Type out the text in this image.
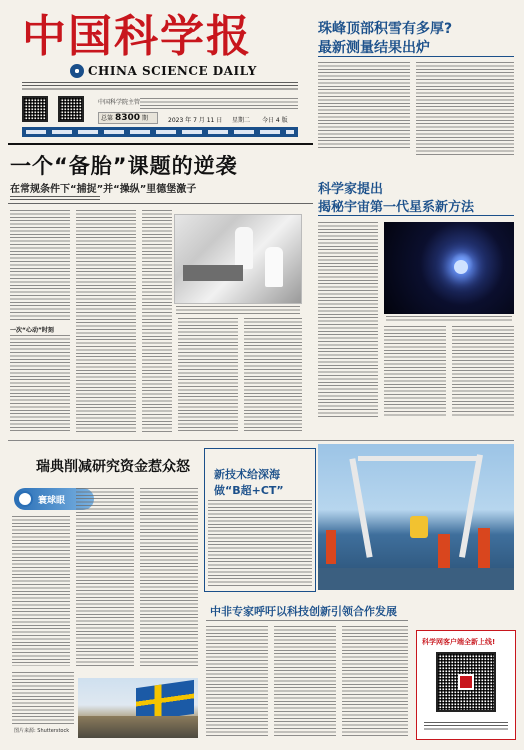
中国科学报
CHINA SCIENCE DAILY
中国科学院主管
总第 8300 期	2023 年 7 月 11 日 星期二 今日 4 版
珠峰顶部积雪有多厚?
最新测量结果出炉
一个“备胎”课题的逆袭
在常规条件下“捕捉”并“操纵”里德堡激子
一次“心动”时刻
科学家提出
揭秘宇宙第一代星系新方法
瑞典削减研究资金惹众怒
寰球眼
图片来源: Shutterstock
新技术给深海
做“B超+CT”
中非专家呼吁以科技创新引领合作发展
科学网客户端全新上线!
